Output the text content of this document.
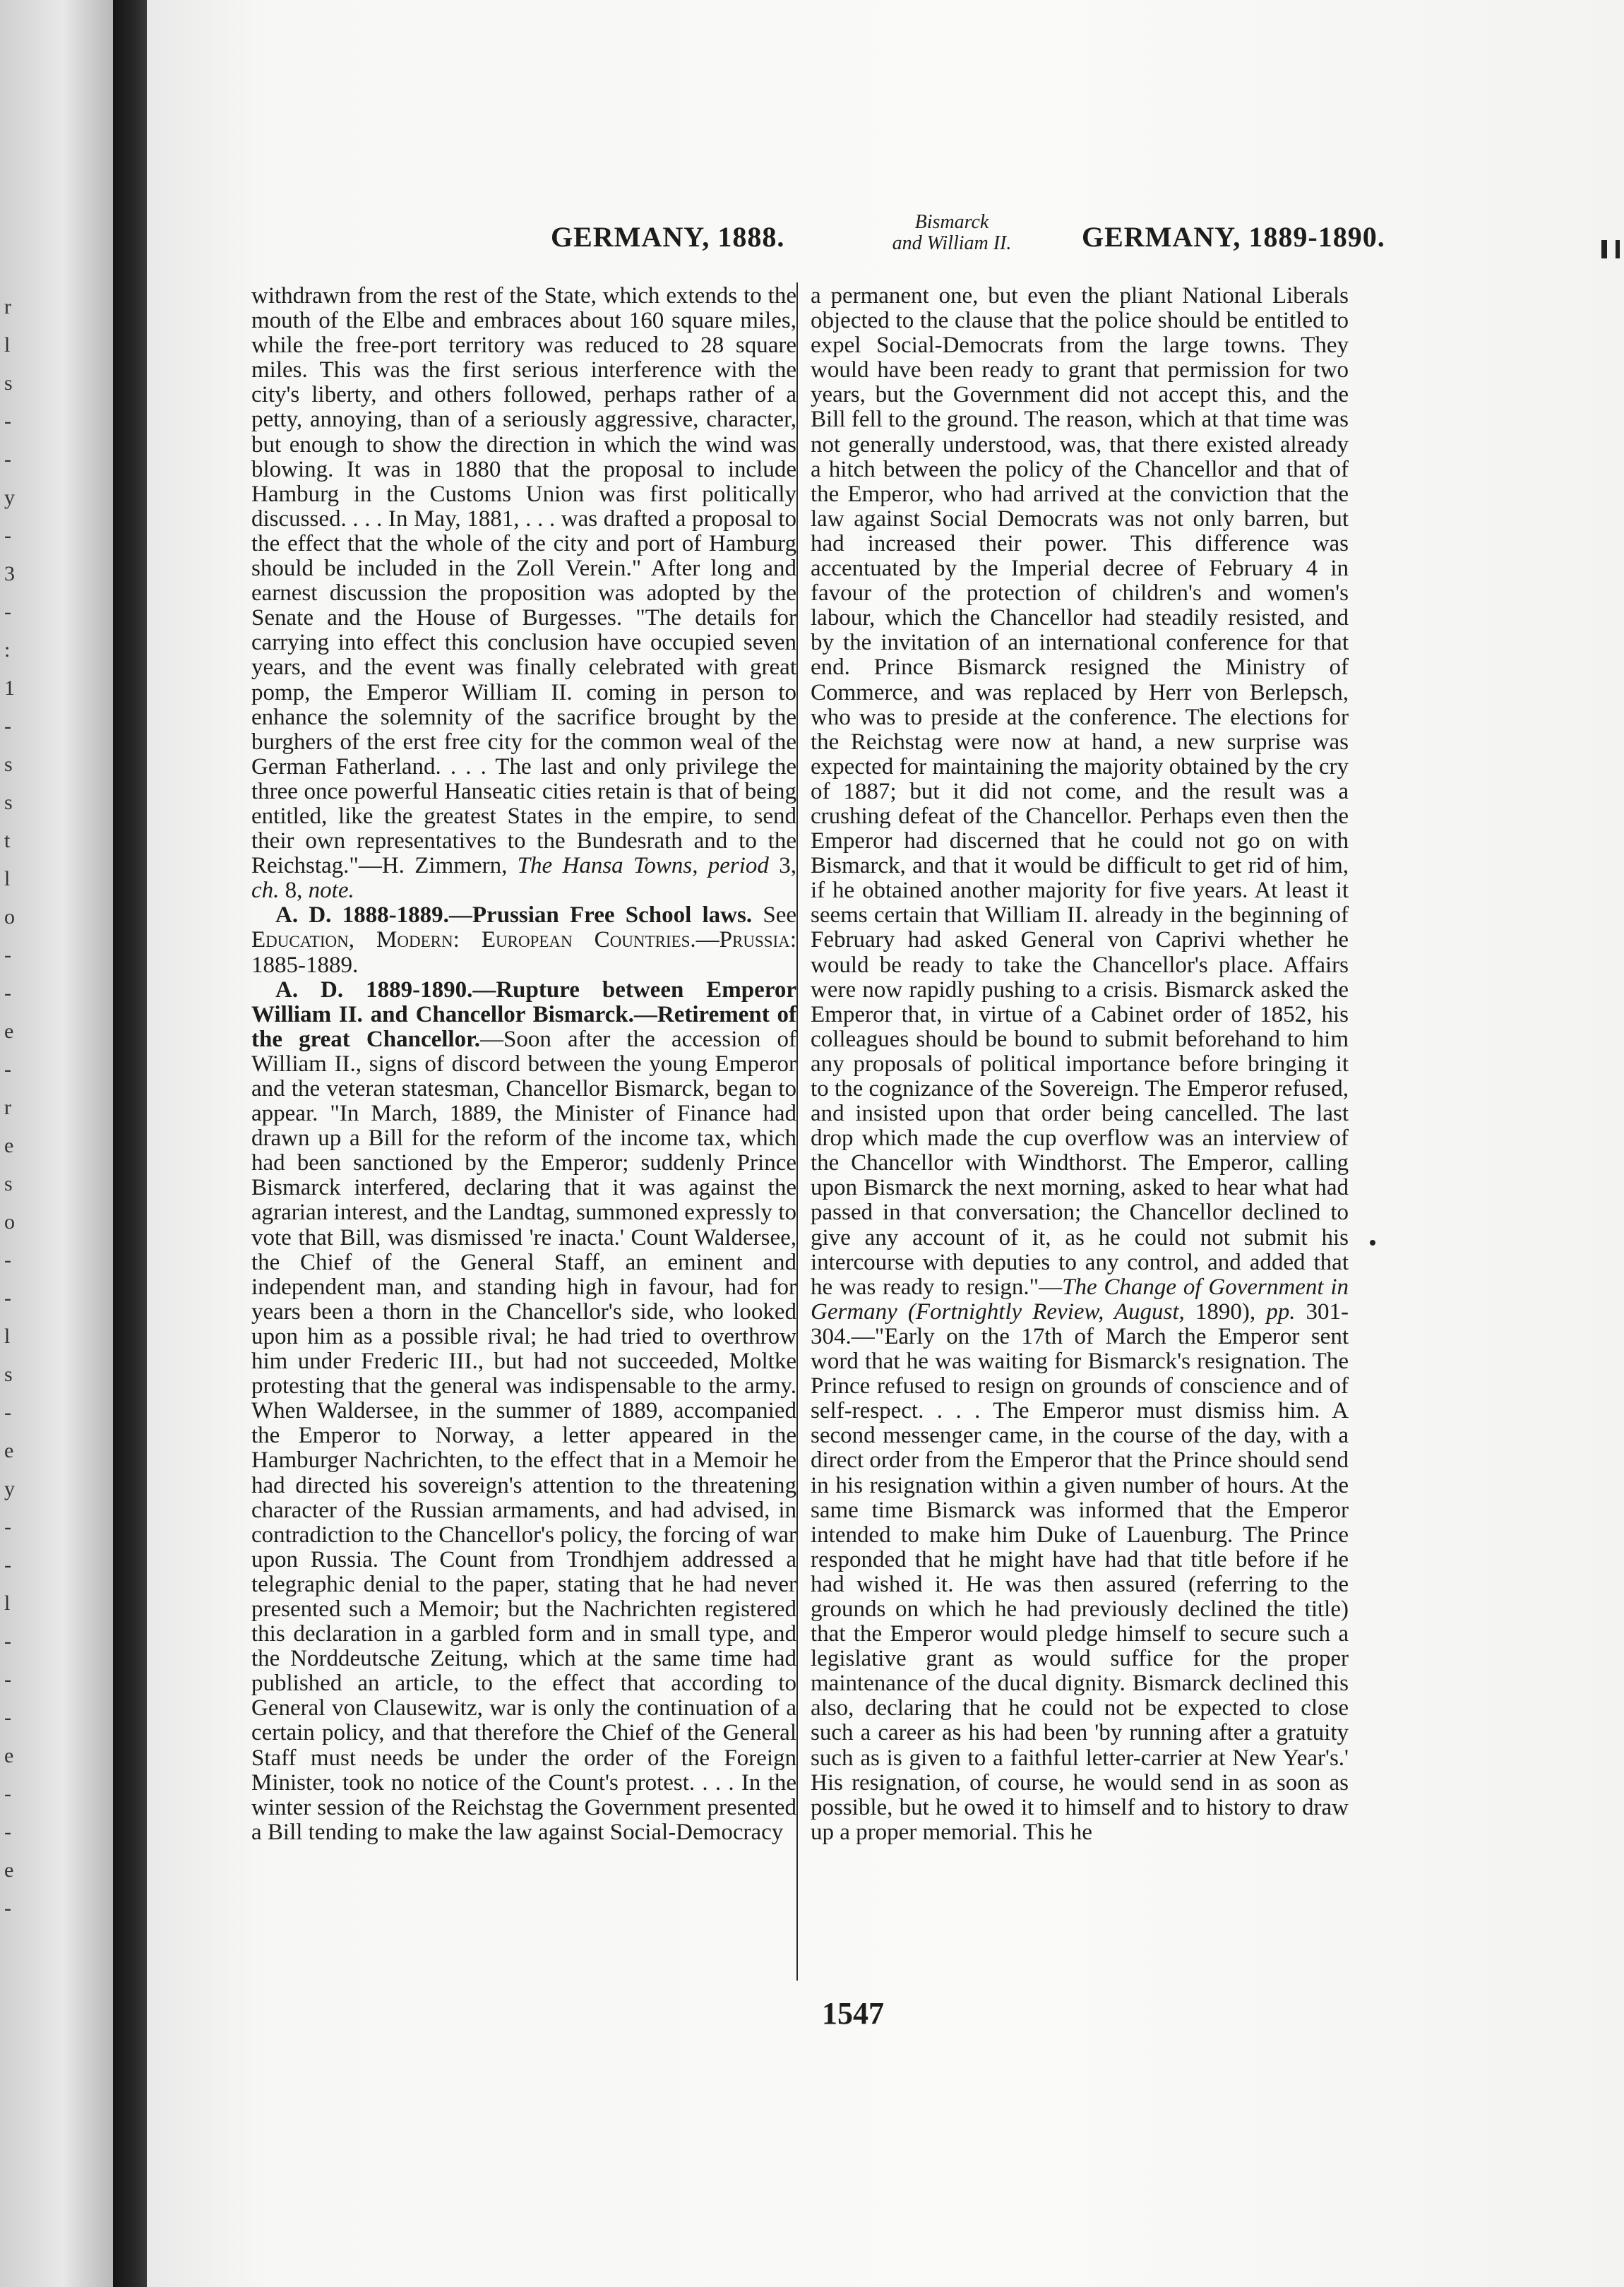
r
l
s
-
-
y
-
3
-
:
1
-
s
s
t
l
o
-
-
e
-
r
e
s
o
-
-
l
s
-
e
y
-
-
l
-
-
-
e
-
-
e
-
GERMANY, 1888.	Bismarck
and William II.	GERMANY, 1889-1890.

withdrawn from the rest of the State, which extends to the mouth of the Elbe and embraces about 160 square miles, while the free-port territory was reduced to 28 square miles. This was the first serious interference with the city's liberty, and others followed, perhaps rather of a petty, annoying, than of a seriously aggressive, character, but enough to show the direction in which the wind was blowing. It was in 1880 that the proposal to include Hamburg in the Customs Union was first politically discussed. . . . In May, 1881, . . . was drafted a proposal to the effect that the whole of the city and port of Hamburg should be included in the Zoll Verein." After long and earnest discussion the proposition was adopted by the Senate and the House of Burgesses. "The details for carrying into effect this conclusion have occupied seven years, and the event was finally celebrated with great pomp, the Emperor William II. coming in person to enhance the solemnity of the sacrifice brought by the burghers of the erst free city for the common weal of the German Fatherland. . . . The last and only privilege the three once powerful Hanseatic cities retain is that of being entitled, like the greatest States in the empire, to send their own representatives to the Bundesrath and to the Reichstag."—H. Zimmern, The Hansa Towns, period 3, ch. 8, note.

A. D. 1888-1889.—Prussian Free School laws. See Education, Modern: European Countries.—Prussia: 1885-1889.

A. D. 1889-1890.—Rupture between Emperor William II. and Chancellor Bismarck.—Retirement of the great Chancellor.—Soon after the accession of William II., signs of discord between the young Emperor and the veteran statesman, Chancellor Bismarck, began to appear. "In March, 1889, the Minister of Finance had drawn up a Bill for the reform of the income tax, which had been sanctioned by the Emperor; suddenly Prince Bismarck interfered, declaring that it was against the agrarian interest, and the Landtag, summoned expressly to vote that Bill, was dismissed 're inacta.' Count Waldersee, the Chief of the General Staff, an eminent and independent man, and standing high in favour, had for years been a thorn in the Chancellor's side, who looked upon him as a possible rival; he had tried to overthrow him under Frederic III., but had not succeeded, Moltke protesting that the general was indispensable to the army. When Waldersee, in the summer of 1889, accompanied the Emperor to Norway, a letter appeared in the Hamburger Nachrichten, to the effect that in a Memoir he had directed his sovereign's attention to the threatening character of the Russian armaments, and had advised, in contradiction to the Chancellor's policy, the forcing of war upon Russia. The Count from Trondhjem addressed a telegraphic denial to the paper, stating that he had never presented such a Memoir; but the Nachrichten registered this declaration in a garbled form and in small type, and the Norddeutsche Zeitung, which at the same time had published an article, to the effect that according to General von Clausewitz, war is only the continuation of a certain policy, and that therefore the Chief of the General Staff must needs be under the order of the Foreign Minister, took no notice of the Count's protest. . . . In the winter session of the Reichstag the Government presented a Bill tending to make the law against Social-Democracy

a permanent one, but even the pliant National Liberals objected to the clause that the police should be entitled to expel Social-Democrats from the large towns. They would have been ready to grant that permission for two years, but the Government did not accept this, and the Bill fell to the ground. The reason, which at that time was not generally understood, was, that there existed already a hitch between the policy of the Chancellor and that of the Emperor, who had arrived at the conviction that the law against Social Democrats was not only barren, but had increased their power. This difference was accentuated by the Imperial decree of February 4 in favour of the protection of children's and women's labour, which the Chancellor had steadily resisted, and by the invitation of an international conference for that end. Prince Bismarck resigned the Ministry of Commerce, and was replaced by Herr von Berlepsch, who was to preside at the conference. The elections for the Reichstag were now at hand, a new surprise was expected for maintaining the majority obtained by the cry of 1887; but it did not come, and the result was a crushing defeat of the Chancellor. Perhaps even then the Emperor had discerned that he could not go on with Bismarck, and that it would be difficult to get rid of him, if he obtained another majority for five years. At least it seems certain that William II. already in the beginning of February had asked General von Caprivi whether he would be ready to take the Chancellor's place. Affairs were now rapidly pushing to a crisis. Bismarck asked the Emperor that, in virtue of a Cabinet order of 1852, his colleagues should be bound to submit beforehand to him any proposals of political importance before bringing it to the cognizance of the Sovereign. The Emperor refused, and insisted upon that order being cancelled. The last drop which made the cup overflow was an interview of the Chancellor with Windthorst. The Emperor, calling upon Bismarck the next morning, asked to hear what had passed in that conversation; the Chancellor declined to give any account of it, as he could not submit his intercourse with deputies to any control, and added that he was ready to resign."—The Change of Government in Germany (Fortnightly Review, August, 1890), pp. 301-304.—"Early on the 17th of March the Emperor sent word that he was waiting for Bismarck's resignation. The Prince refused to resign on grounds of conscience and of self-respect. . . . The Emperor must dismiss him. A second messenger came, in the course of the day, with a direct order from the Emperor that the Prince should send in his resignation within a given number of hours. At the same time Bismarck was informed that the Emperor intended to make him Duke of Lauenburg. The Prince responded that he might have had that title before if he had wished it. He was then assured (referring to the grounds on which he had previously declined the title) that the Emperor would pledge himself to secure such a legislative grant as would suffice for the proper maintenance of the ducal dignity. Bismarck declined this also, declaring that he could not be expected to close such a career as his had been 'by running after a gratuity such as is given to a faithful letter-carrier at New Year's.' His resignation, of course, he would send in as soon as possible, but he owed it to himself and to history to draw up a proper memorial. This he

1547
